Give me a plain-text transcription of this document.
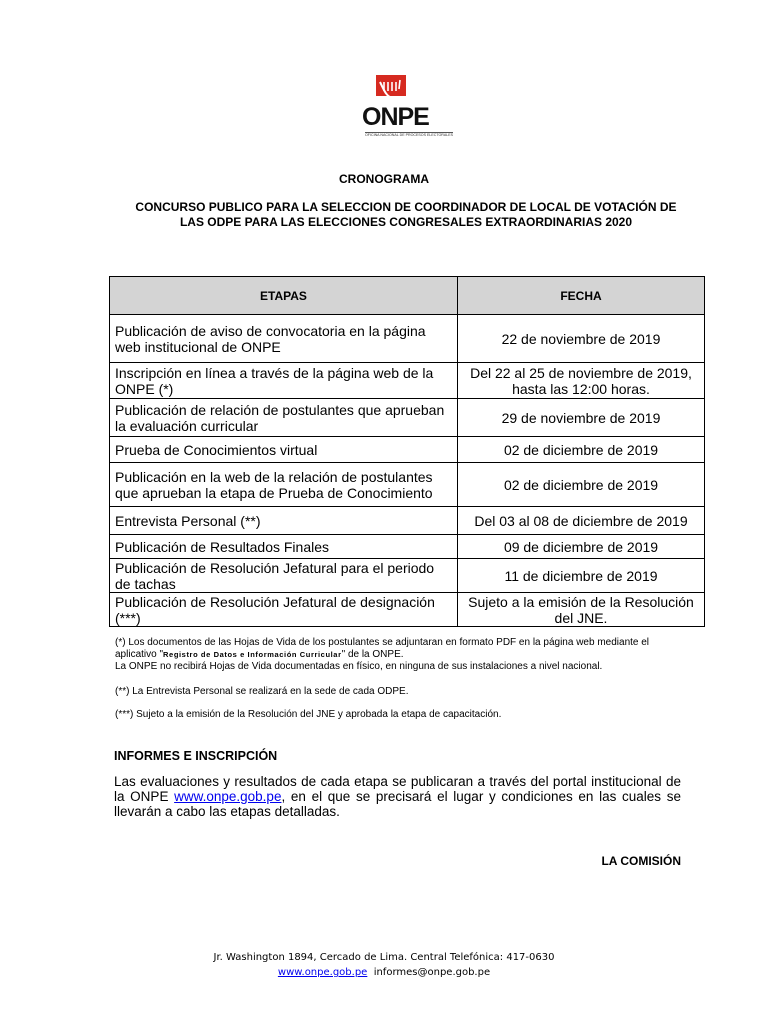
ONPE
OFICINA NACIONAL DE PROCESOS ELECTORALES
CRONOGRAMA
CONCURSO PUBLICO PARA LA SELECCION DE COORDINADOR DE LOCAL DE VOTACIÓN DE
LAS ODPE PARA LAS ELECCIONES CONGRESALES EXTRAORDINARIAS 2020
ETAPAS	FECHA
Publicación de aviso de convocatoria en la página web institucional de ONPE	22 de noviembre de 2019
Inscripción en línea a través de la página web de la ONPE (*)	Del 22 al 25 de noviembre de 2019, hasta las 12:00 horas.
Publicación de relación de postulantes que aprueban la evaluación curricular	29 de noviembre de 2019
Prueba de Conocimientos virtual	02 de diciembre de 2019
Publicación en la web de la relación de postulantes que aprueban la etapa de Prueba de Conocimiento	02 de diciembre de 2019
Entrevista Personal (**)	Del 03 al 08 de diciembre de 2019
Publicación de Resultados Finales	09 de diciembre de 2019
Publicación de Resolución Jefatural para el periodo de tachas	11 de diciembre de 2019
Publicación de Resolución Jefatural de designación (***)	Sujeto a la emisión de la Resolución del JNE.
(*) Los documentos de las Hojas de Vida de los postulantes se adjuntaran en formato PDF en la página web mediante el
aplicativo "Registro de Datos e Información Curricular" de la ONPE.
La ONPE no recibirá Hojas de Vida documentadas en físico, en ninguna de sus instalaciones a nivel nacional.
(**) La Entrevista Personal se realizará en la sede de cada ODPE.
(***) Sujeto a la emisión de la Resolución del JNE y aprobada la etapa de capacitación.
INFORMES E INSCRIPCIÓN
Las evaluaciones y resultados de cada etapa se publicaran a través del portal institucional de la ONPE www.onpe.gob.pe, en el que se precisará el lugar y condiciones en las cuales se llevarán a cabo las etapas detalladas.
LA COMISIÓN
Jr. Washington 1894, Cercado de Lima. Central Telefónica: 417-0630
www.onpe.gob.pe informes@onpe.gob.pe
